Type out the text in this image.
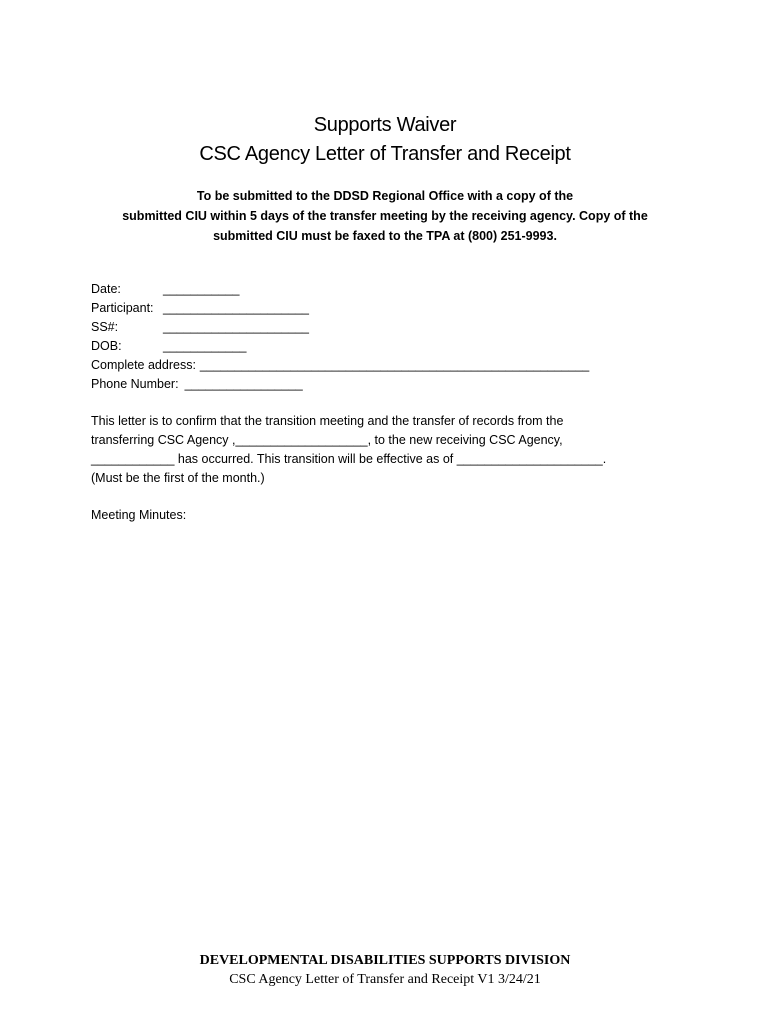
Supports Waiver
CSC Agency Letter of Transfer and Receipt
To be submitted to the DDSD Regional Office with a copy of the
submitted CIU within 5 days of the transfer meeting by the receiving agency. Copy of the
submitted CIU must be faxed to the TPA at (800) 251-9993.
Date:	___________
Participant: _____________________
SS#:	_____________________
DOB:	____________
Complete address: ________________________________________________________
Phone Number: _________________
This letter is to confirm that the transition meeting and the transfer of records from the
transferring CSC Agency ,___________________, to the new receiving CSC Agency,
____________ has occurred. This transition will be effective as of _____________________.
(Must be the first of the month.)
Meeting Minutes:
DEVELOPMENTAL DISABILITIES SUPPORTS DIVISION
CSC Agency Letter of Transfer and Receipt V1 3/24/21
